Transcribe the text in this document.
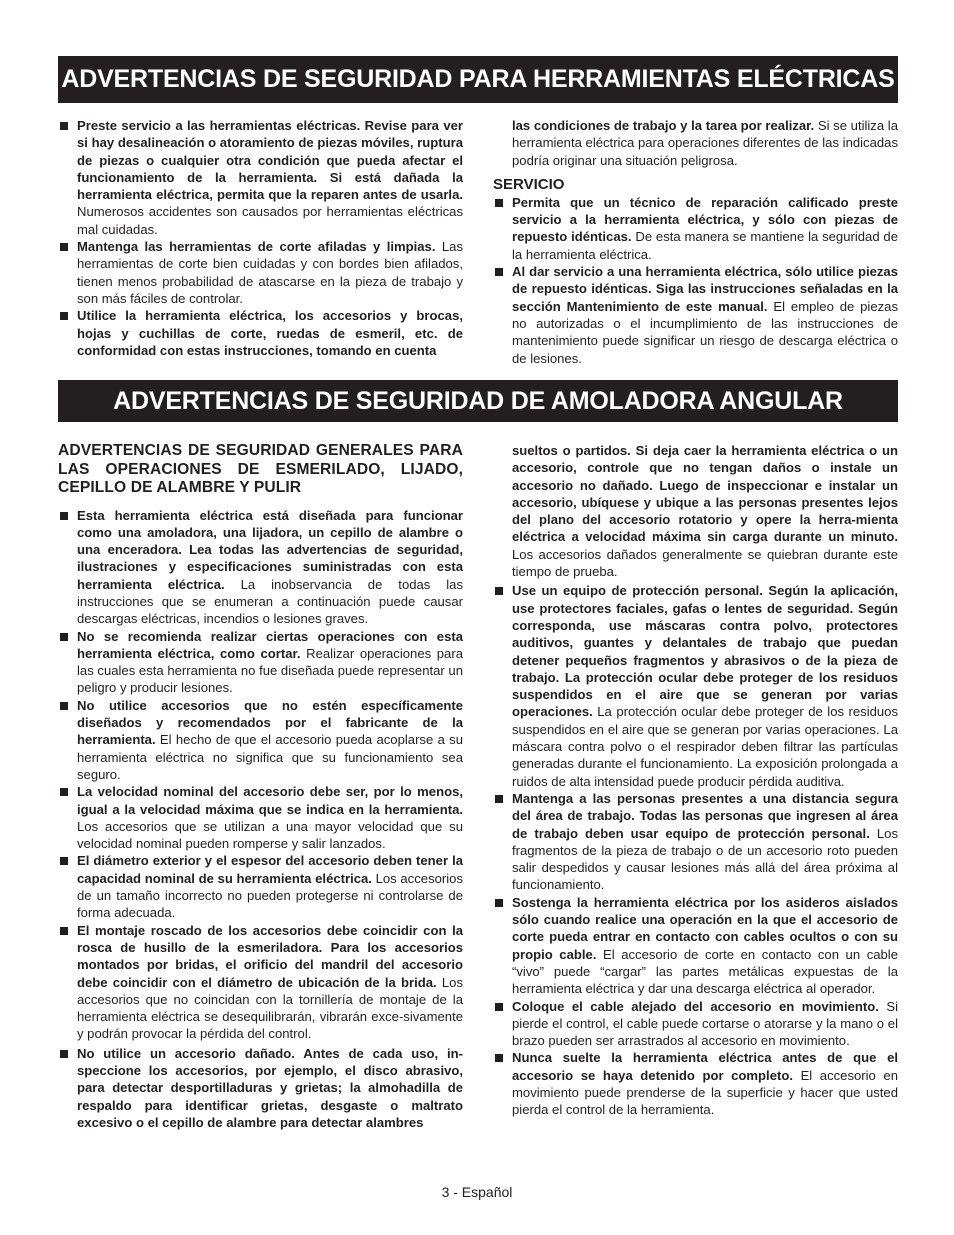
ADVERTENCIAS DE SEGURIDAD PARA HERRAMIENTAS ELÉCTRICAS
Preste servicio a las herramientas eléctricas. Revise para ver si hay desalineación o atoramiento de piezas móviles, ruptura de piezas o cualquier otra condición que pueda afectar el funcionamiento de la herramienta. Si está dañada la herramienta eléctrica, permita que la reparen antes de usarla. Numerosos accidentes son causados por herramientas eléctricas mal cuidadas.
Mantenga las herramientas de corte afiladas y limpias. Las herramientas de corte bien cuidadas y con bordes bien afilados, tienen menos probabilidad de atascarse en la pieza de trabajo y son más fáciles de controlar.
Utilice la herramienta eléctrica, los accesorios y brocas, hojas y cuchillas de corte, ruedas de esmeril, etc. de conformidad con estas instrucciones, tomando en cuenta
las condiciones de trabajo y la tarea por realizar. Si se utiliza la herramienta eléctrica para operaciones diferentes de las indicadas podría originar una situación peligrosa.
SERVICIO
Permita que un técnico de reparación calificado preste servicio a la herramienta eléctrica, y sólo con piezas de repuesto idénticas. De esta manera se mantiene la seguridad de la herramienta eléctrica.
Al dar servicio a una herramienta eléctrica, sólo utilice piezas de repuesto idénticas. Siga las instrucciones señaladas en la sección Mantenimiento de este manual. El empleo de piezas no autorizadas o el incumplimiento de las instrucciones de mantenimiento puede significar un riesgo de descarga eléctrica o de lesiones.
ADVERTENCIAS DE SEGURIDAD DE AMOLADORA ANGULAR
ADVERTENCIAS DE SEGURIDAD GENERALES PARA LAS OPERACIONES DE ESMERILADO, LIJADO, CEPILLO DE ALAMBRE Y PULIR
Esta herramienta eléctrica está diseñada para funcionar como una amoladora, una lijadora, un cepillo de alambre o una enceradora. Lea todas las advertencias de seguridad, ilustraciones y especificaciones suministradas con esta herramienta eléctrica. La inobservancia de todas las instrucciones que se enumeran a continuación puede causar descargas eléctricas, incendios o lesiones graves.
No se recomienda realizar ciertas operaciones con esta herramienta eléctrica, como cortar. Realizar operaciones para las cuales esta herramienta no fue diseñada puede representar un peligro y producir lesiones.
No utilice accesorios que no estén específicamente diseñados y recomendados por el fabricante de la herramienta. El hecho de que el accesorio pueda acoplarse a su herramienta eléctrica no significa que su funcionamiento sea seguro.
La velocidad nominal del accesorio debe ser, por lo menos, igual a la velocidad máxima que se indica en la herramienta. Los accesorios que se utilizan a una mayor velocidad que su velocidad nominal pueden romperse y salir lanzados.
El diámetro exterior y el espesor del accesorio deben tener la capacidad nominal de su herramienta eléctrica. Los accesorios de un tamaño incorrecto no pueden protegerse ni controlarse de forma adecuada.
El montaje roscado de los accesorios debe coincidir con la rosca de husillo de la esmeriladora. Para los accesorios montados por bridas, el orificio del mandril del accesorio debe coincidir con el diámetro de ubicación de la brida. Los accesorios que no coincidan con la tornillería de montaje de la herramienta eléctrica se desequilibrarán, vibrarán exce-sivamente y podrán provocar la pérdida del control.
No utilice un accesorio dañado. Antes de cada uso, in-speccione los accesorios, por ejemplo, el disco abrasivo, para detectar desportilladuras y grietas; la almohadilla de respaldo para identificar grietas, desgaste o maltrato excesivo o el cepillo de alambre para detectar alambres
sueltos o partidos. Si deja caer la herramienta eléctrica o un accesorio, controle que no tengan daños o instale un accesorio no dañado. Luego de inspeccionar e instalar un accesorio, ubíquese y ubique a las personas presentes lejos del plano del accesorio rotatorio y opere la herra-mienta eléctrica a velocidad máxima sin carga durante un minuto. Los accesorios dañados generalmente se quiebran durante este tiempo de prueba.
Use un equipo de protección personal. Según la aplicación, use protectores faciales, gafas o lentes de seguridad. Según corresponda, use máscaras contra polvo, protectores auditivos, guantes y delantales de trabajo que puedan detener pequeños fragmentos y abrasivos o de la pieza de trabajo. La protección ocular debe proteger de los residuos suspendidos en el aire que se generan por varias operaciones. La protección ocular debe proteger de los residuos suspendidos en el aire que se generan por varias operaciones. La máscara contra polvo o el respirador deben filtrar las partículas generadas durante el funcionamiento. La exposición prolongada a ruidos de alta intensidad puede producir pérdida auditiva.
Mantenga a las personas presentes a una distancia segura del área de trabajo. Todas las personas que ingresen al área de trabajo deben usar equipo de protección personal. Los fragmentos de la pieza de trabajo o de un accesorio roto pueden salir despedidos y causar lesiones más allá del área próxima al funcionamiento.
Sostenga la herramienta eléctrica por los asideros aislados sólo cuando realice una operación en la que el accesorio de corte pueda entrar en contacto con cables ocultos o con su propio cable. El accesorio de corte en contacto con un cable “vivo” puede “cargar” las partes metálicas expuestas de la herramienta eléctrica y dar una descarga eléctrica al operador.
Coloque el cable alejado del accesorio en movimiento. Si pierde el control, el cable puede cortarse o atorarse y la mano o el brazo pueden ser arrastrados al accesorio en movimiento.
Nunca suelte la herramienta eléctrica antes de que el accesorio se haya detenido por completo. El accesorio en movimiento puede prenderse de la superficie y hacer que usted pierda el control de la herramienta.
3 - Español
